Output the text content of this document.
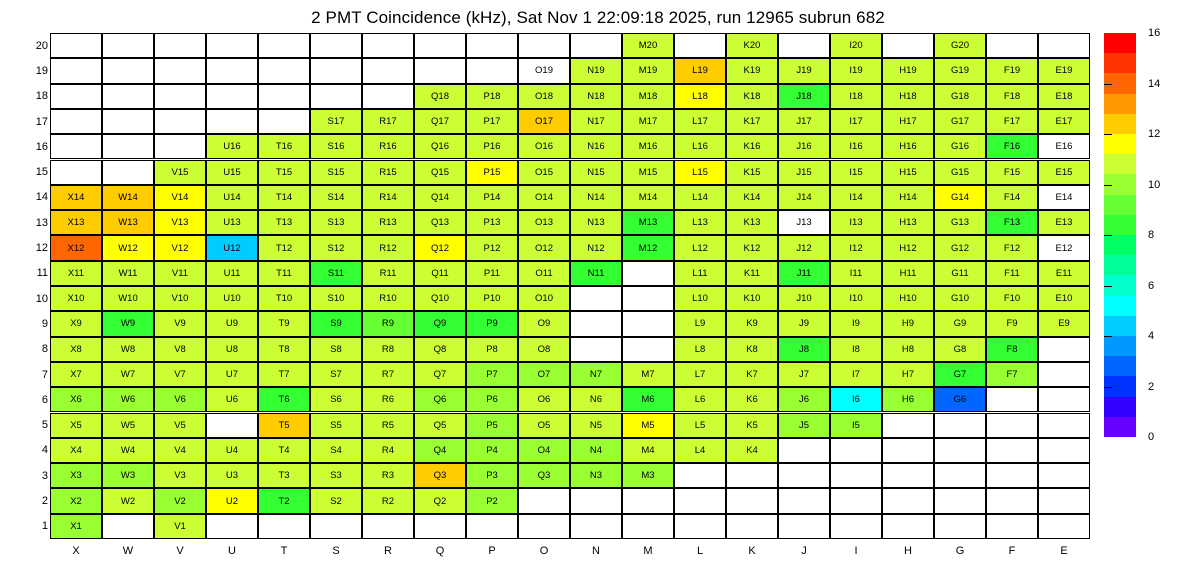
2 PMT Coincidence (kHz), Sat Nov 1 22:09:18 2025, run 12965 subrun 682
X1	V1
X2	W2	V2	U2	T2	S2	R2	Q2	P2
X3	W3	V3	U3	T3	S3	R3	Q3	P3	Q3	N3	M3
X4	W4	V4	U4	T4	S4	R4	Q4	P4	O4	N4	M4	L4	K4
X5	W5	V5	T5	S5	R5	Q5	P5	O5	N5	M5	L5	K5	J5	I5
X6	W6	V6	U6	T6	S6	R6	Q6	P6	O6	N6	M6	L6	K6	J6	I6	H6	G6
X7	W7	V7	U7	T7	S7	R7	Q7	P7	O7	N7	M7	L7	K7	J7	I7	H7	G7	F7
X8	W8	V8	U8	T8	S8	R8	Q8	P8	O8	L8	K8	J8	I8	H8	G8	F8
X9	W9	V9	U9	T9	S9	R9	Q9	P9	O9	L9	K9	J9	I9	H9	G9	F9	E9
X10	W10	V10	U10	T10	S10	R10	Q10	P10	O10	L10	K10	J10	I10	H10	G10	F10	E10
X11	W11	V11	U11	T11	S11	R11	Q11	P11	O11	N11	L11	K11	J11	I11	H11	G11	F11	E11
X12	W12	V12	U12	T12	S12	R12	Q12	P12	O12	N12	M12	L12	K12	J12	I12	H12	G12	F12	E12
X13	W13	V13	U13	T13	S13	R13	Q13	P13	O13	N13	M13	L13	K13	J13	I13	H13	G13	F13	E13
X14	W14	V14	U14	T14	S14	R14	Q14	P14	O14	N14	M14	L14	K14	J14	I14	H14	G14	F14	E14
V15	U15	T15	S15	R15	Q15	P15	O15	N15	M15	L15	K15	J15	I15	H15	G15	F15	E15
U16	T16	S16	R16	Q16	P16	O16	N16	M16	L16	K16	J16	I16	H16	G16	F16	E16
S17	R17	Q17	P17	O17	N17	M17	L17	K17	J17	I17	H17	G17	F17	E17
Q18	P18	O18	N18	M18	L18	K18	J18	I18	H18	G18	F18	E18
O19	N19	M19	L19	K19	J19	I19	H19	G19	F19	E19
M20	K20	I20	G20
1
2
3
4
5
6
7
8
9
10
11
12
13
14
15
16
17
18
19
20
X	W	V	U	T	S	R	Q	P	O	N	M	L	K	J	I	H	G	F	E
0
2
4
6
8
10
12
14
16
